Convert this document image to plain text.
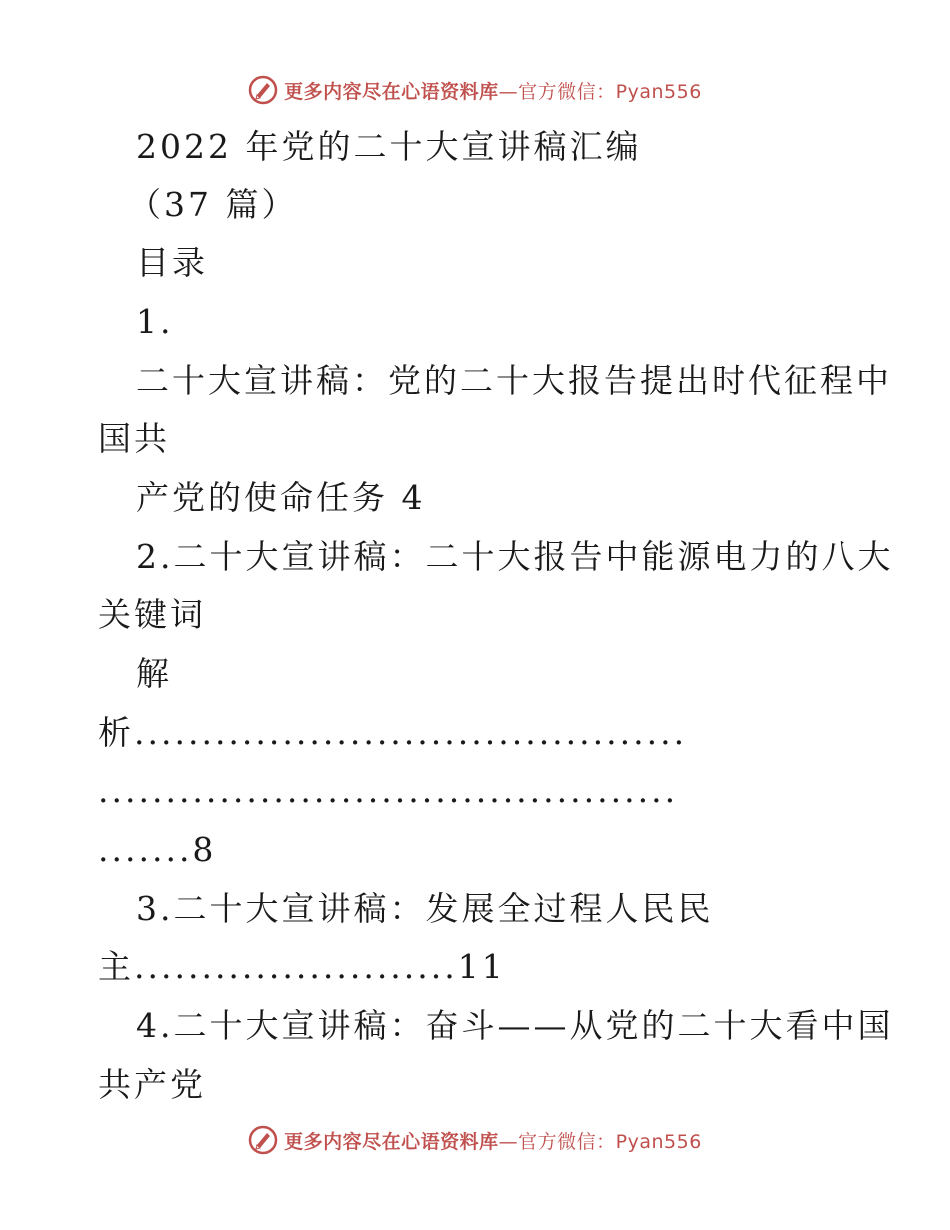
更多内容尽在心语资料库—官方微信：Pyan556
2022 年党的二十大宣讲稿汇编
（37 篇）
目录
1.
二十大宣讲稿：党的二十大报告提出时代征程中
国共
产党的使命任务 4
2.二十大宣讲稿：二十大报告中能源电力的八大
关键词
解
析.........................................
...........................................
.......8
3.二十大宣讲稿：发展全过程人民民
主........................11
4.二十大宣讲稿：奋斗——从党的二十大看中国
共产党
更多内容尽在心语资料库—官方微信：Pyan556
